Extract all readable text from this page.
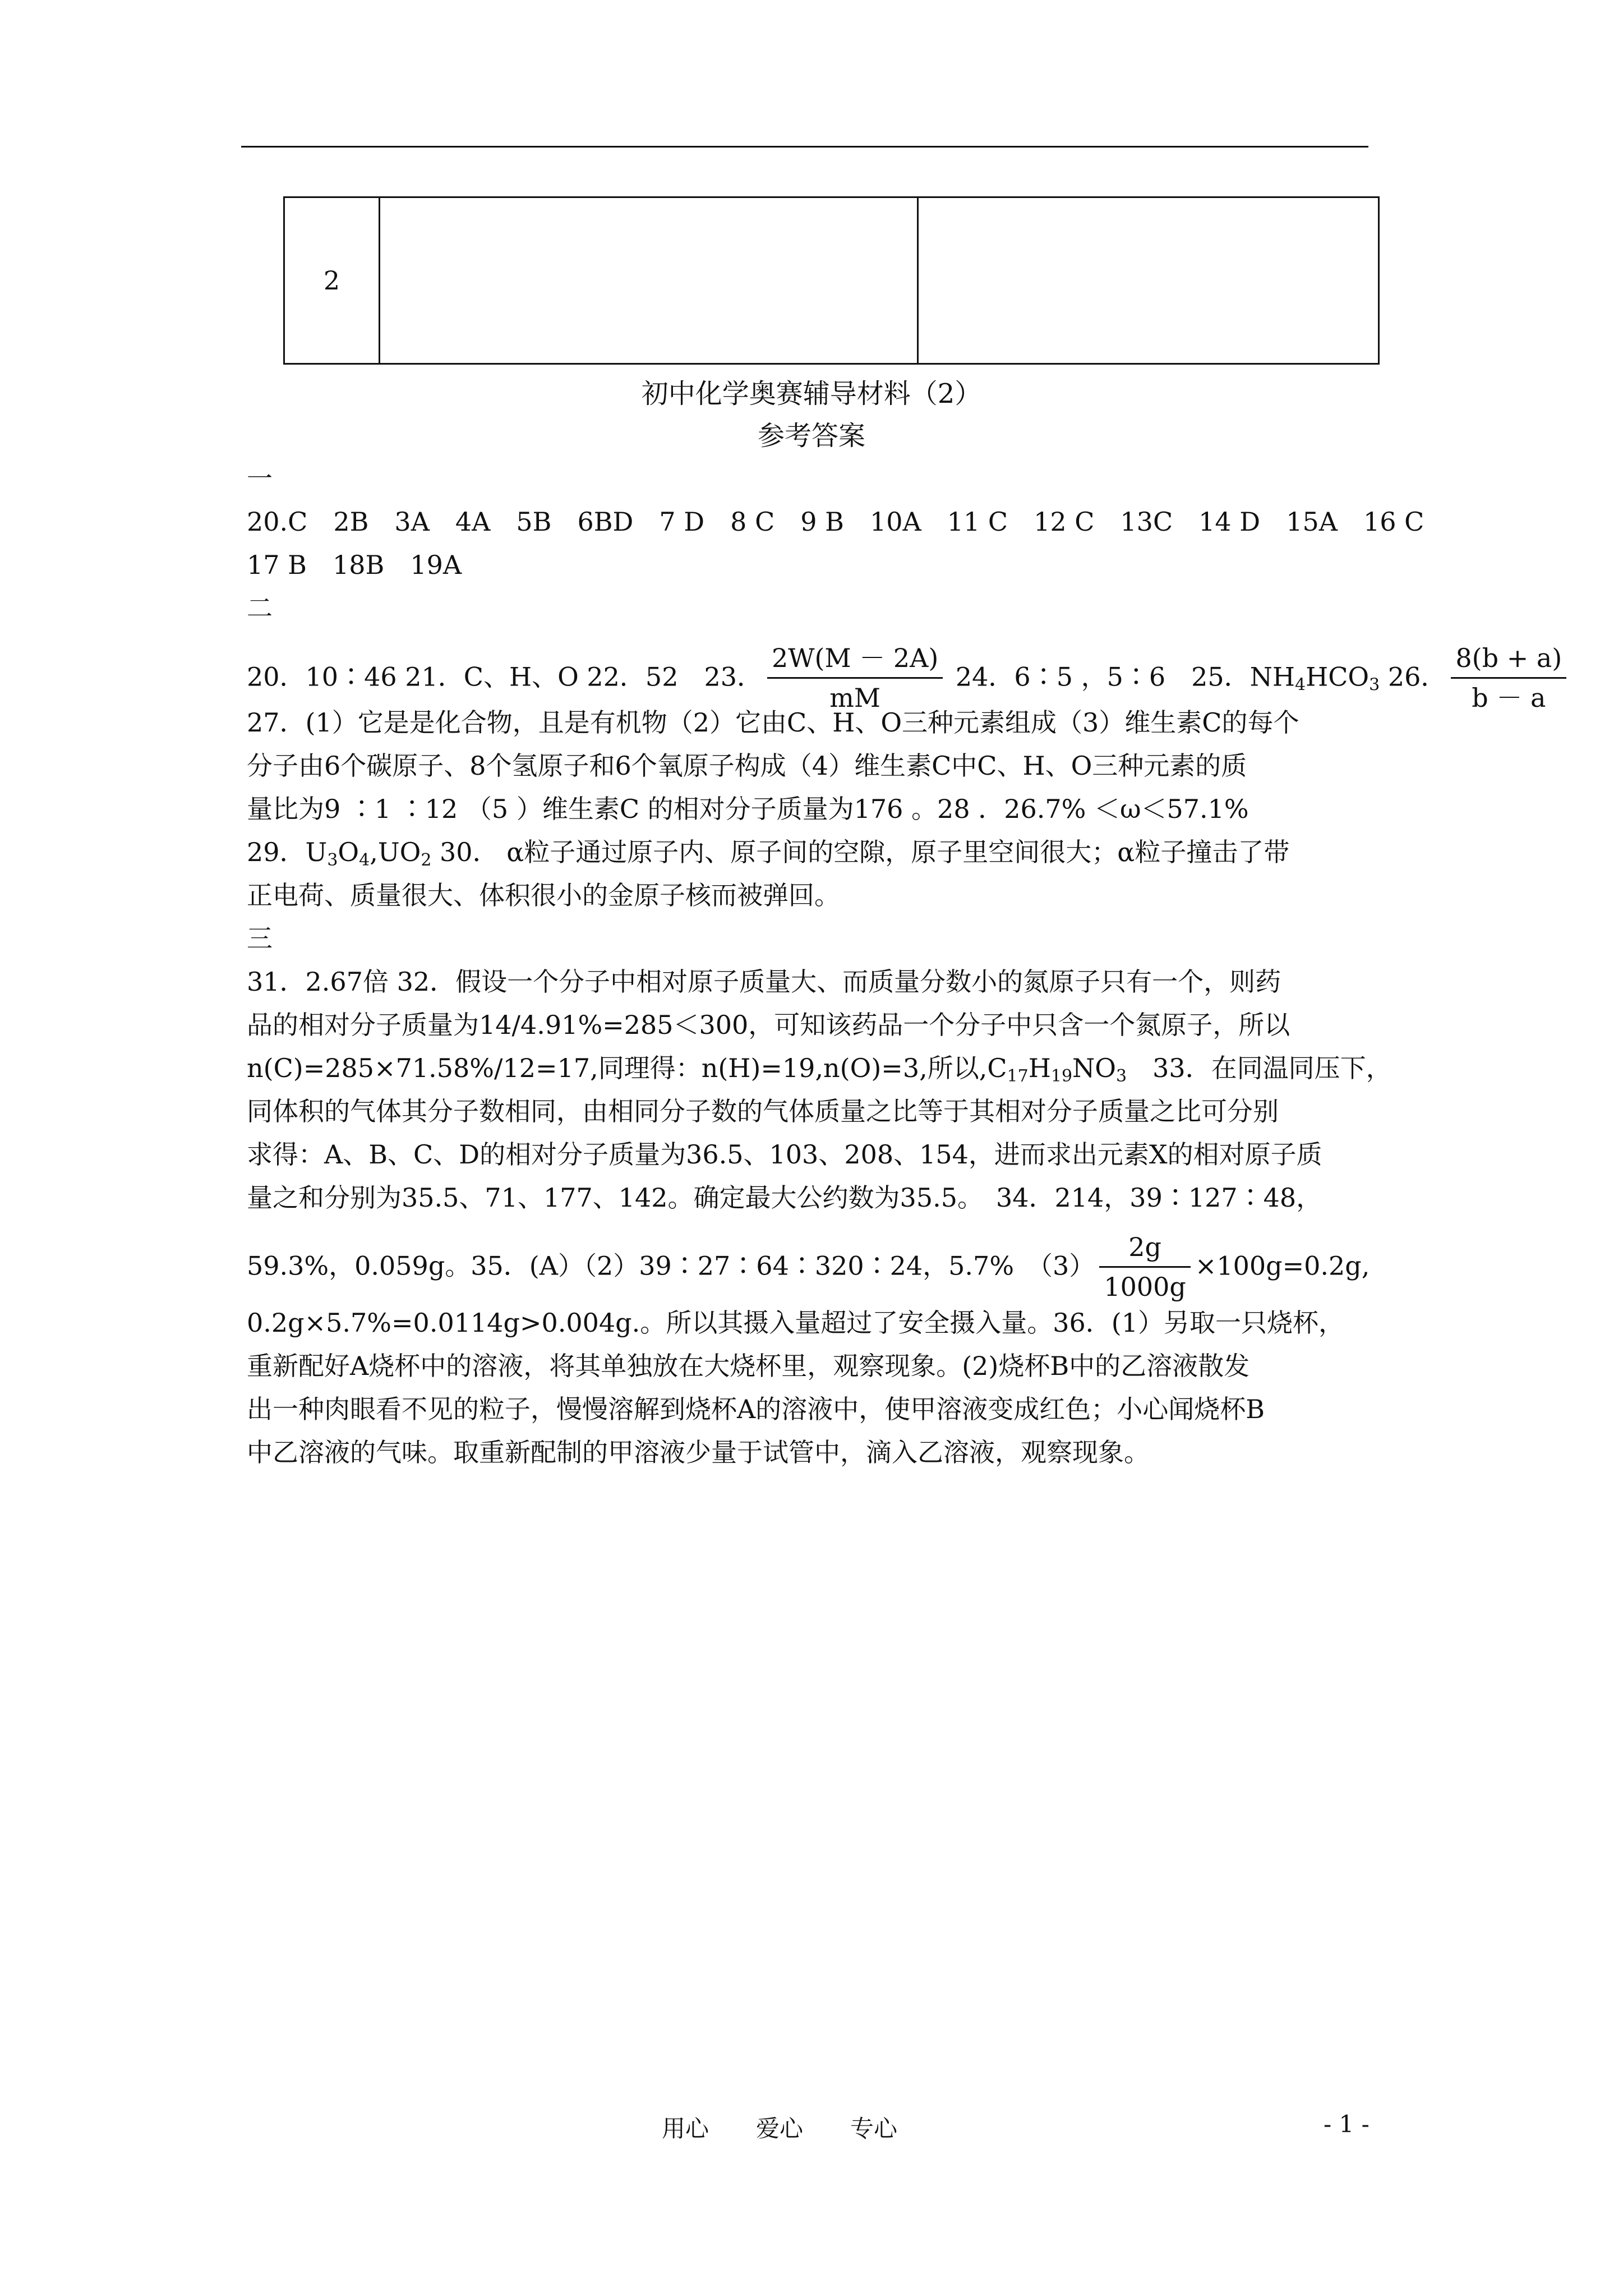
2		
初中化学奥赛辅导材料（2）
参考答案
一
20.C　2B　3A　4A　5B　6BD　7 D　8 C　9 B　10A　11 C　12 C　13C　14 D　15A　16 C
17 B　18B　19A
二
20．10∶46 21．C、H、O 22．52　23． $\frac{2W(M - 2A)}{mM} 24$．6∶5 ，5∶6　25．$NH_4HCO_3$ 26． $\frac{8(b + a)}{b - a}$
27．(1）它是是化合物，且是有机物（2）它由C、H、O三种元素组成（3）维生素C的每个
分子由6个碳原子、8个氢原子和6个氧原子构成（4）维生素C中C、H、O三种元素的质
量比为9 ∶1 ∶12 （5 ）维生素C 的相对分子质量为176 。28 ．26.7% ＜ω＜57.1%
29．$U_3O_4,UO_2$ 30． α粒子通过原子内、原子间的空隙，原子里空间很大；α粒子撞击了带
正电荷、质量很大、体积很小的金原子核而被弹回。
三
31．2.67倍 32．假设一个分子中相对原子质量大、而质量分数小的氮原子只有一个，则药
品的相对分子质量为14/4.91%=285＜300，可知该药品一个分子中只含一个氮原子，所以
n(C)=285×71.58%/12=17,同理得：n(H)=19,n(O)=3,所以$,C_{17}H_{19}NO_3$　33．在同温同压下，
同体积的气体其分子数相同，由相同分子数的气体质量之比等于其相对分子质量之比可分别
求得：A、B、C、D的相对分子质量为36.5、103、208、154，进而求出元素X的相对原子质
量之和分别为35.5、71、177、142。确定最大公约数为35.5。　34．214，39∶127∶48，
59.3%，0.059g。35．(A）（2）39∶27∶64∶320∶24，5.7%　$(3) \frac{2g}{1000g} \times 100g=0.2g$,
0.2g×5.7%=0.0114g>0.004g.。所以其摄入量超过了安全摄入量。36．(1）另取一只烧杯，
重新配好A烧杯中的溶液，将其单独放在大烧杯里，观察现象。(2)烧杯B中的乙溶液散发
出一种肉眼看不见的粒子，慢慢溶解到烧杯A的溶液中，使甲溶液变成红色；小心闻烧杯B
中乙溶液的气味。取重新配制的甲溶液少量于试管中，滴入乙溶液，观察现象。
用心　　爱心　　专心	- 1 -
